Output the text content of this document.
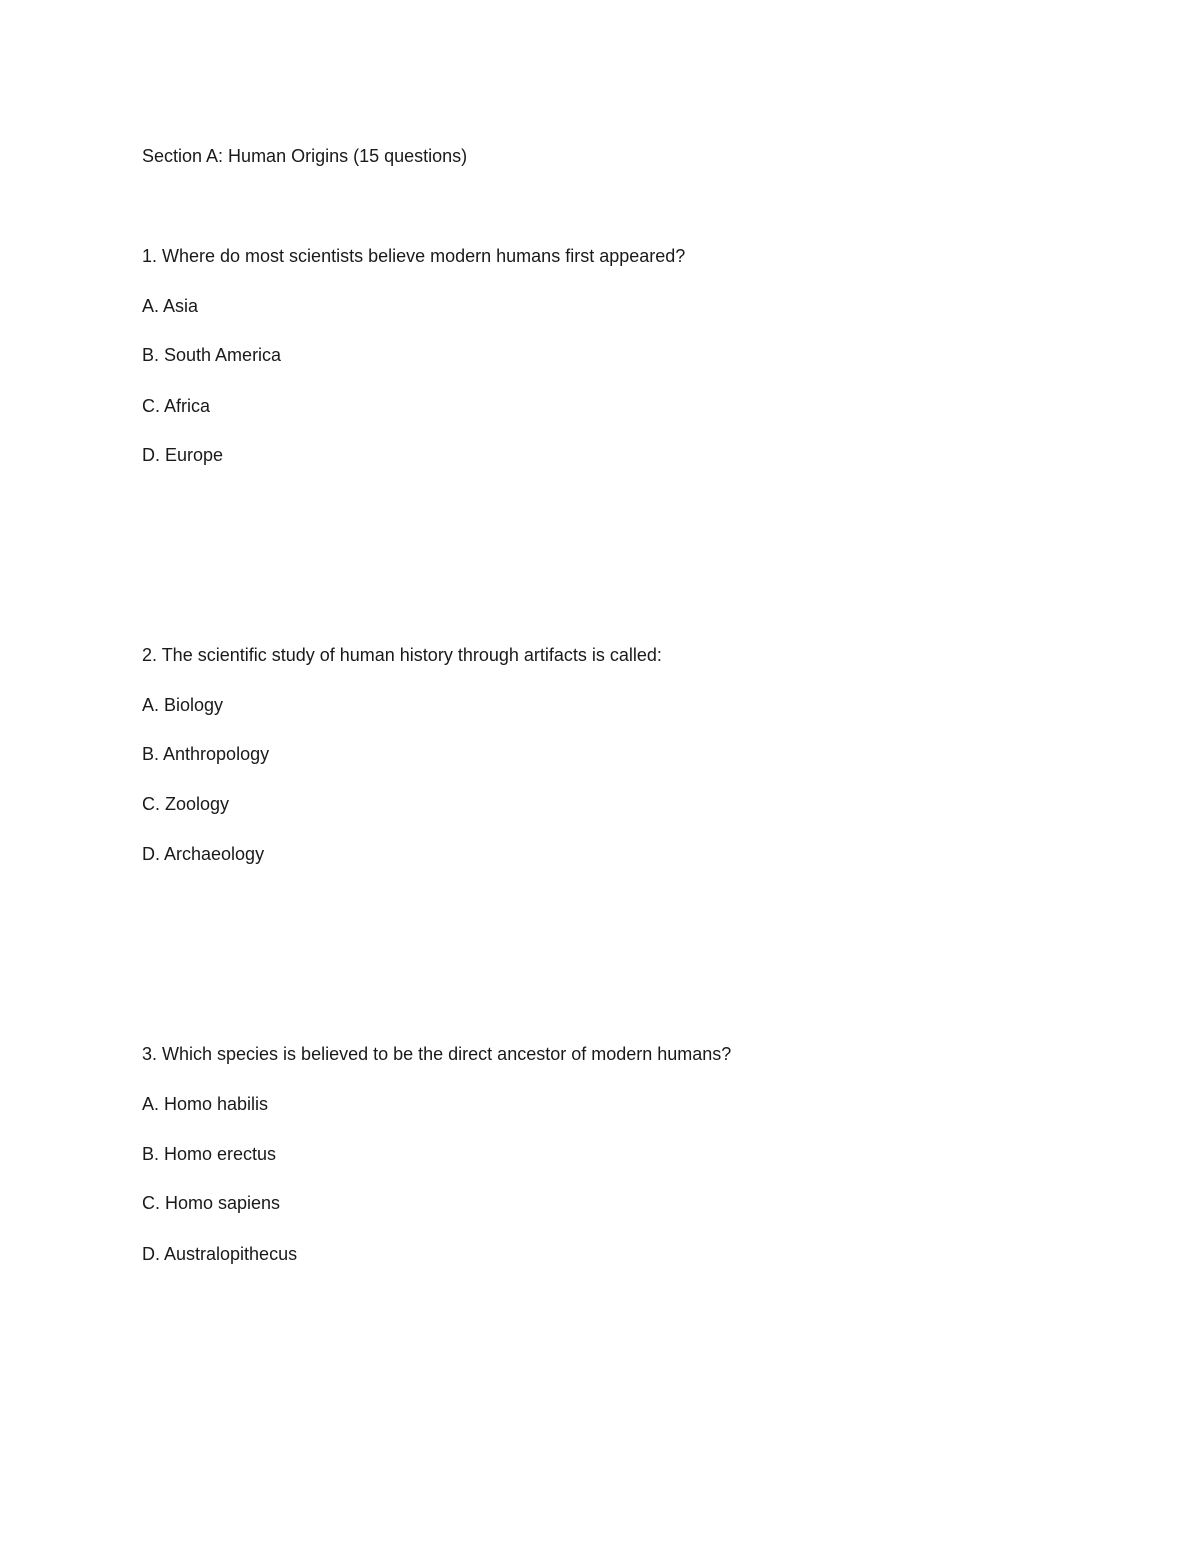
Section A: Human Origins (15 questions)
1. Where do most scientists believe modern humans first appeared?
A. Asia
B. South America
C. Africa
D. Europe
2. The scientific study of human history through artifacts is called:
A. Biology
B. Anthropology
C. Zoology
D. Archaeology
3. Which species is believed to be the direct ancestor of modern humans?
A. Homo habilis
B. Homo erectus
C. Homo sapiens
D. Australopithecus
